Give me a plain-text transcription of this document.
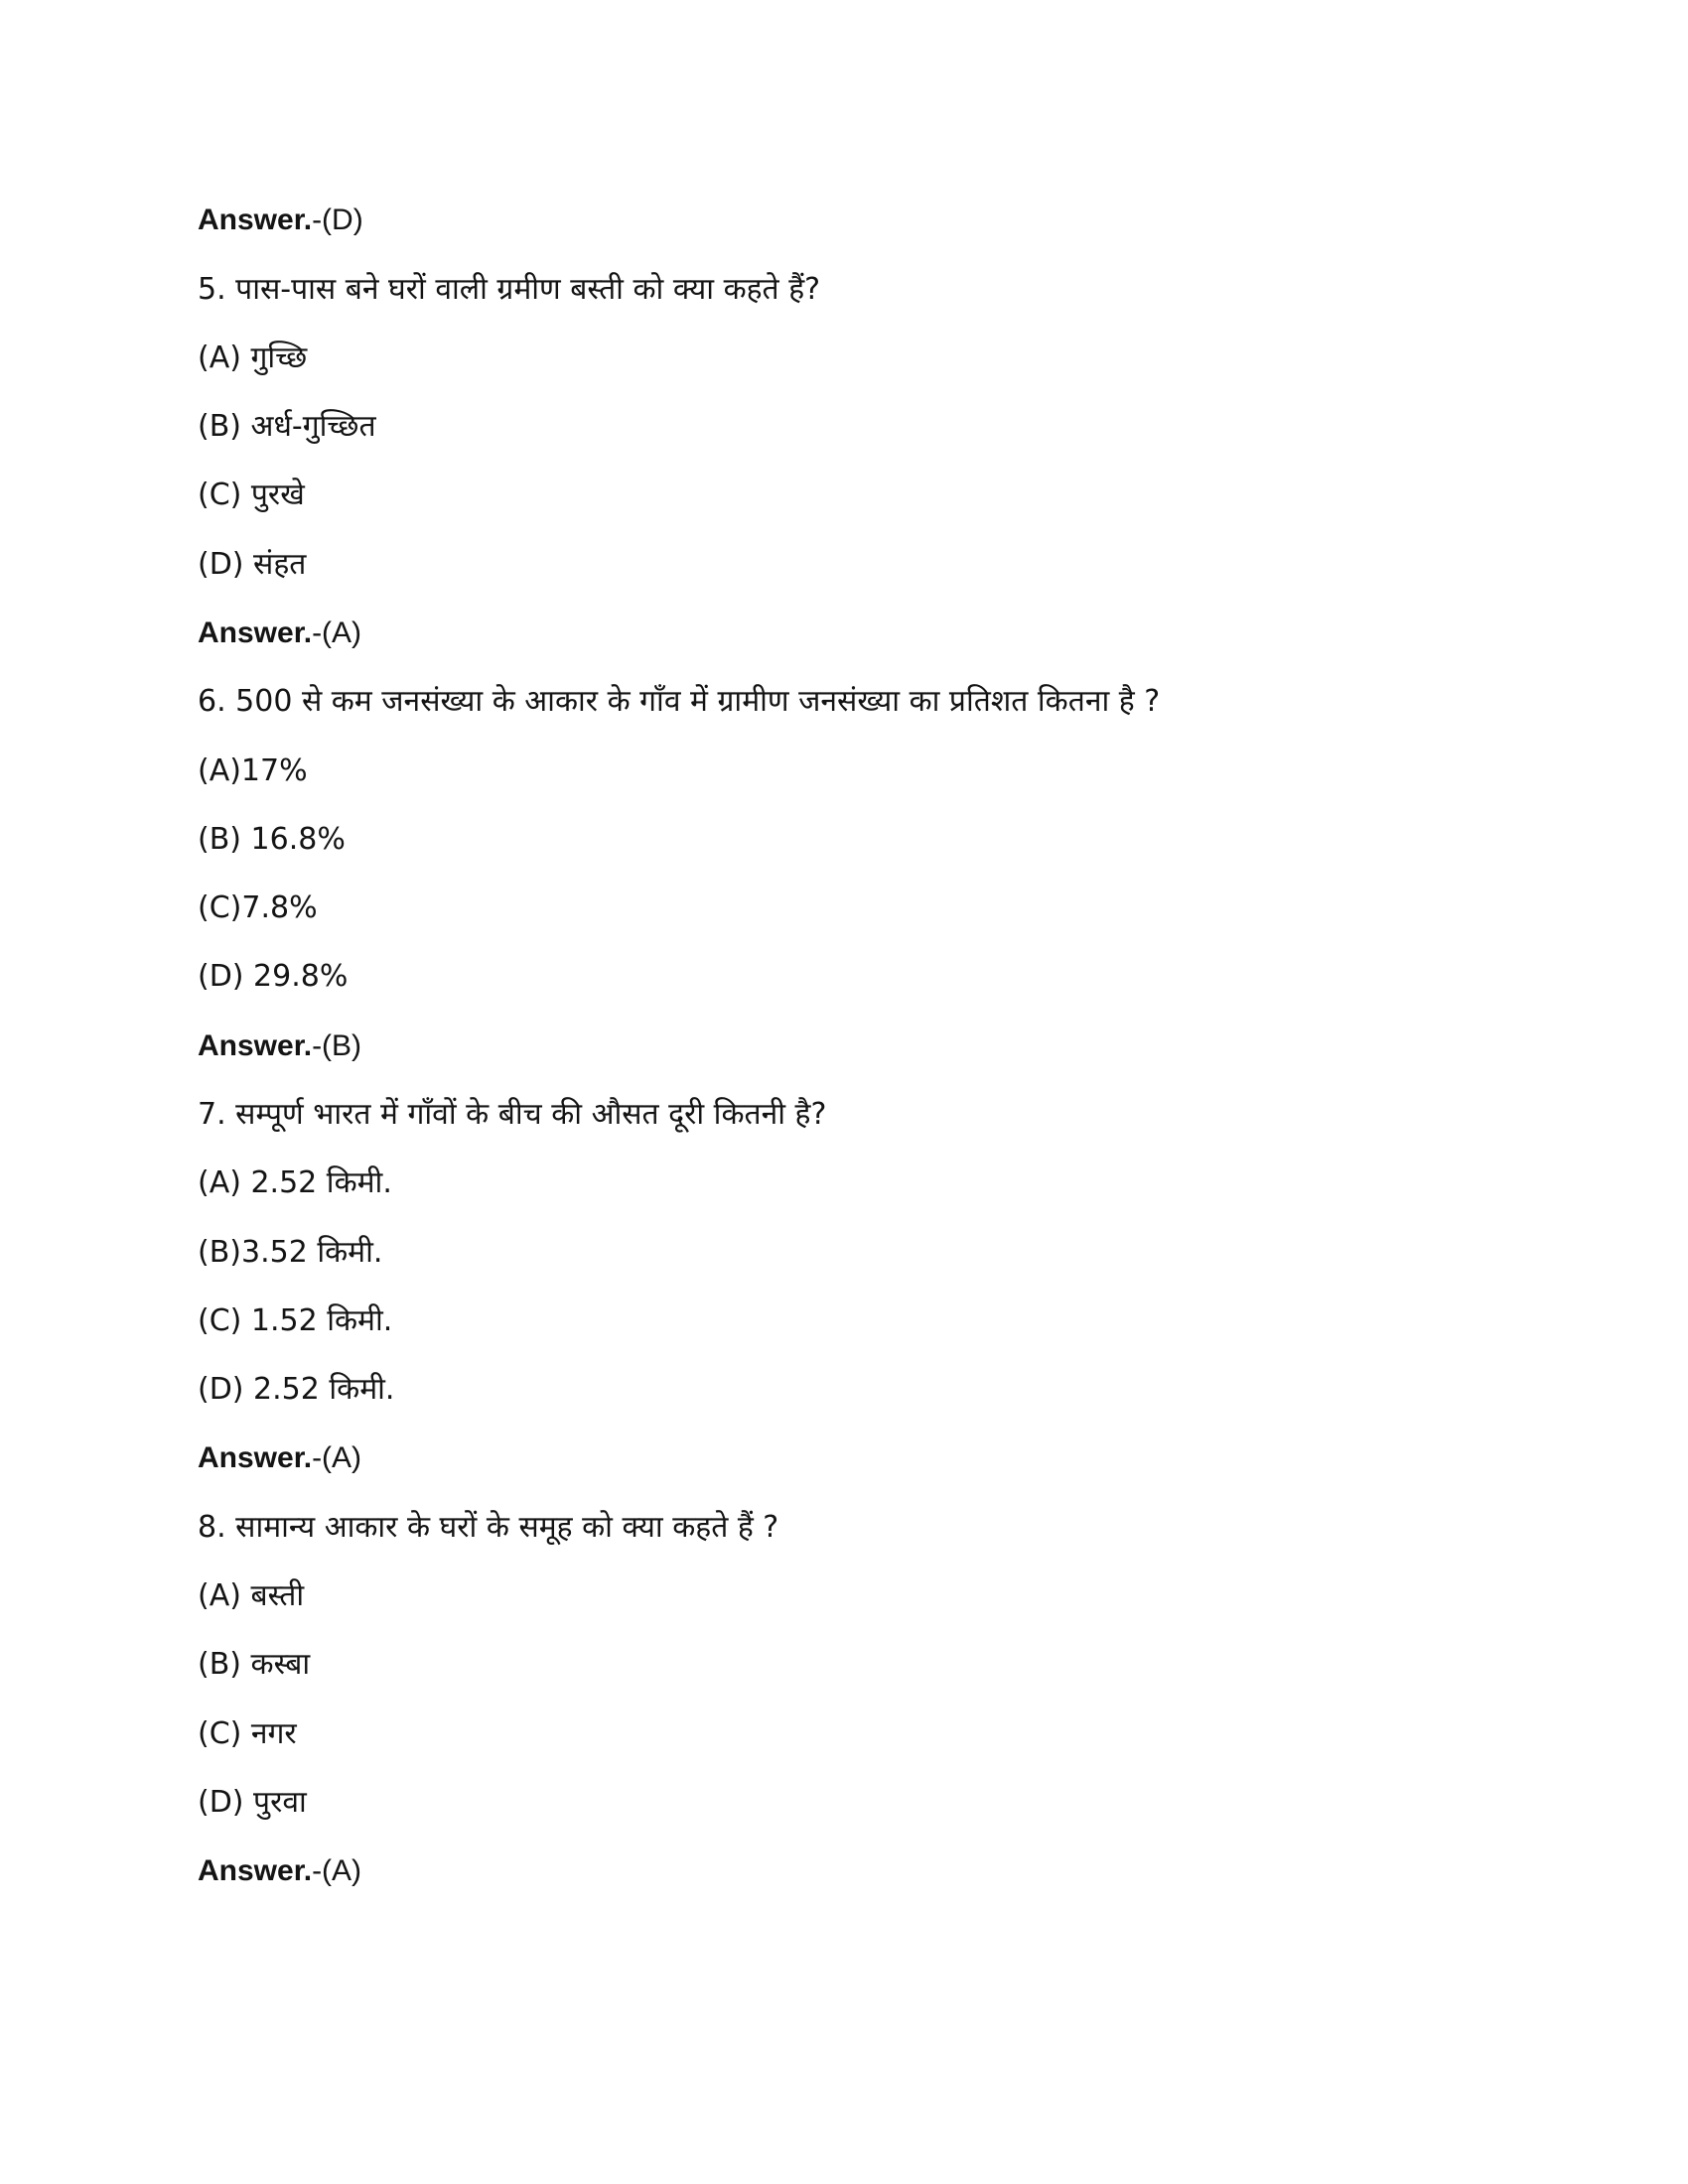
Answer.-(D)
5. पास-पास बने घरों वाली ग्रमीण बस्ती को क्या कहते हैं?
(A) गुच्छि
(B) अर्ध-गुच्छित
(C) पुरखे
(D) संहत
Answer.-(A)
6. 500 से कम जनसंख्या के आकार के गाँव में ग्रामीण जनसंख्या का प्रतिशत कितना है ?
(A)17%
(B) 16.8%
(C)7.8%
(D) 29.8%
Answer.-(B)
7. सम्पूर्ण भारत में गाँवों के बीच की औसत दूरी कितनी है?
(A) 2.52 किमी.
(B)3.52 किमी.
(C) 1.52 किमी.
(D) 2.52 किमी.
Answer.-(A)
8. सामान्य आकार के घरों के समूह को क्या कहते हैं ?
(A) बस्ती
(B) कस्बा
(C) नगर
(D) पुरवा
Answer.-(A)
